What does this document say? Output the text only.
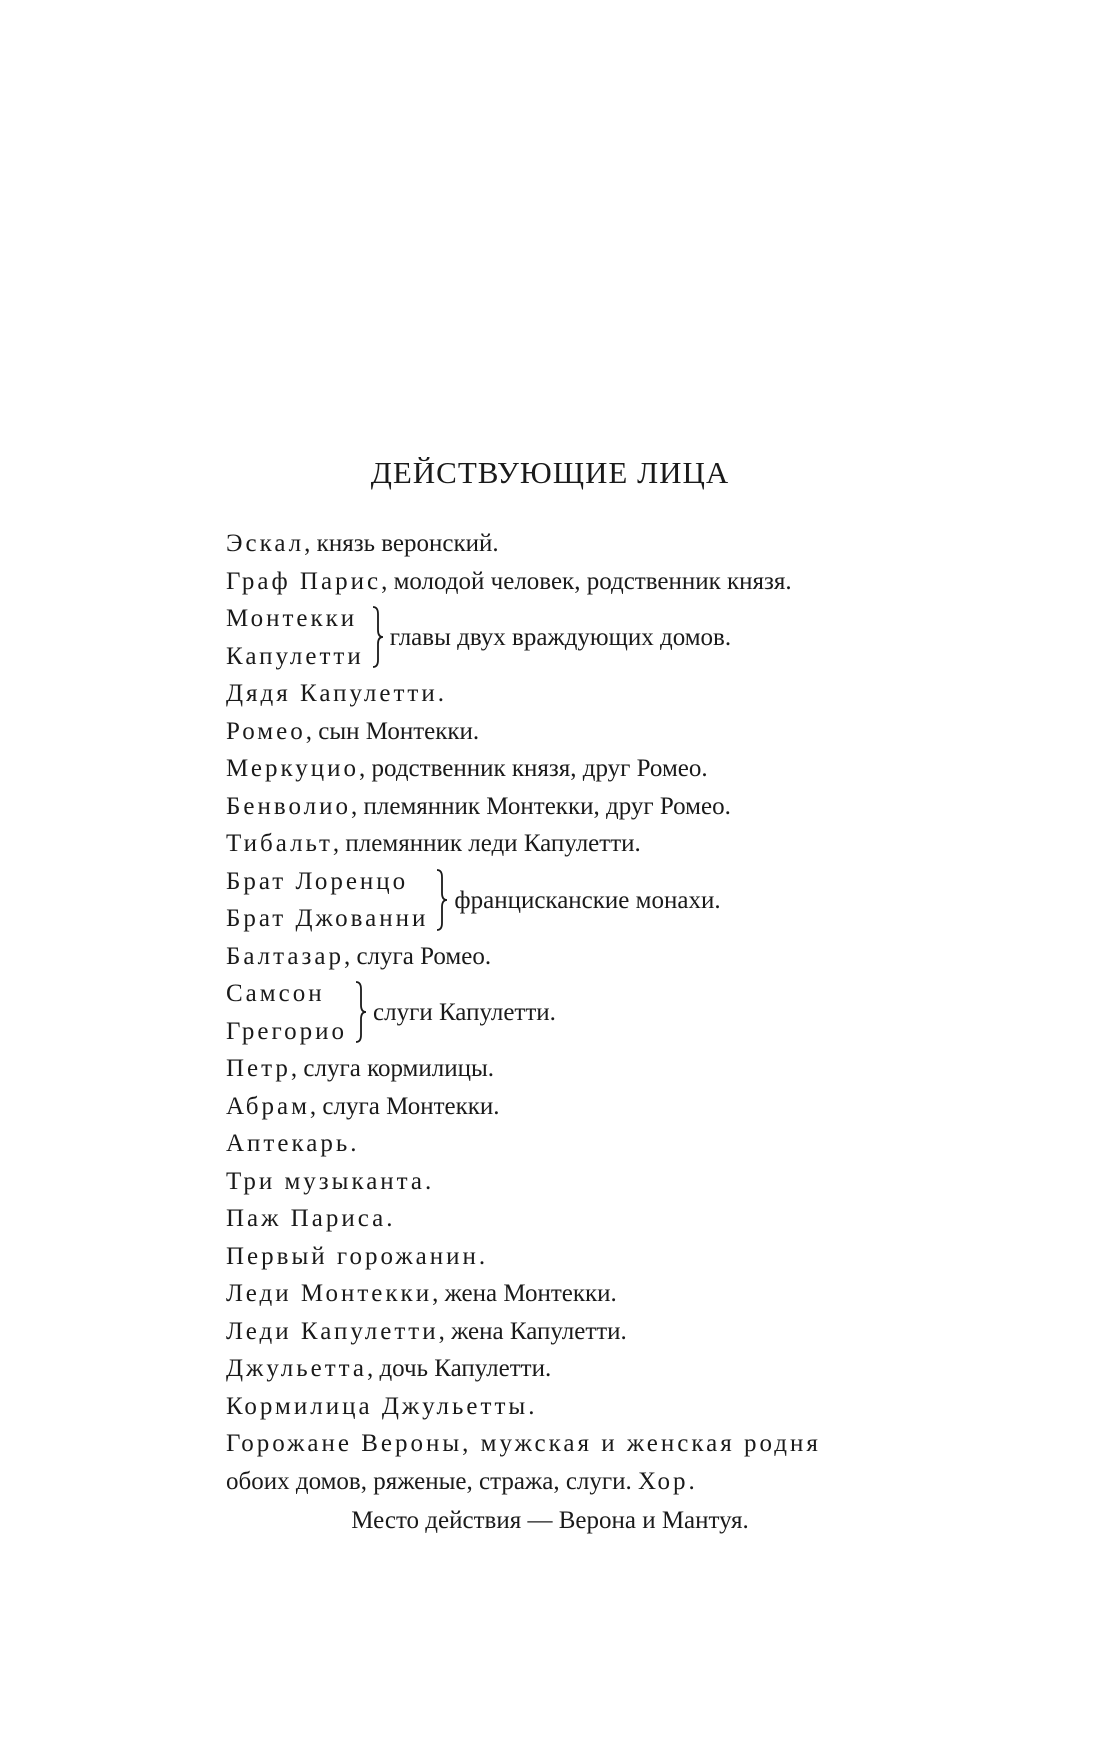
ДЕЙСТВУЮЩИЕ ЛИЦА
Эскал, князь веронский.
Граф Парис, молодой человек, родственник князя.
Монтекки
Капулетти
главы двух враждующих домов.
Дядя Капулетти.
Ромео, сын Монтекки.
Меркуцио, родственник князя, друг Ромео.
Бенволио, племянник Монтекки, друг Ромео.
Тибальт, племянник леди Капулетти.
Брат Лоренцо
Брат Джованни
францисканские монахи.
Балтазар, слуга Ромео.
Самсон
Грегорио
слуги Капулетти.
Петр, слуга кормилицы.
Абрам, слуга Монтекки.
Аптекарь.
Три музыканта.
Паж Париса.
Первый горожанин.
Леди Монтекки, жена Монтекки.
Леди Капулетти, жена Капулетти.
Джульетта, дочь Капулетти.
Кормилица Джульетты.
Горожане Вероны, мужская и женская родня
обоих домов, ряженые, стража, слуги. Хор.
Место действия — Верона и Мантуя.
